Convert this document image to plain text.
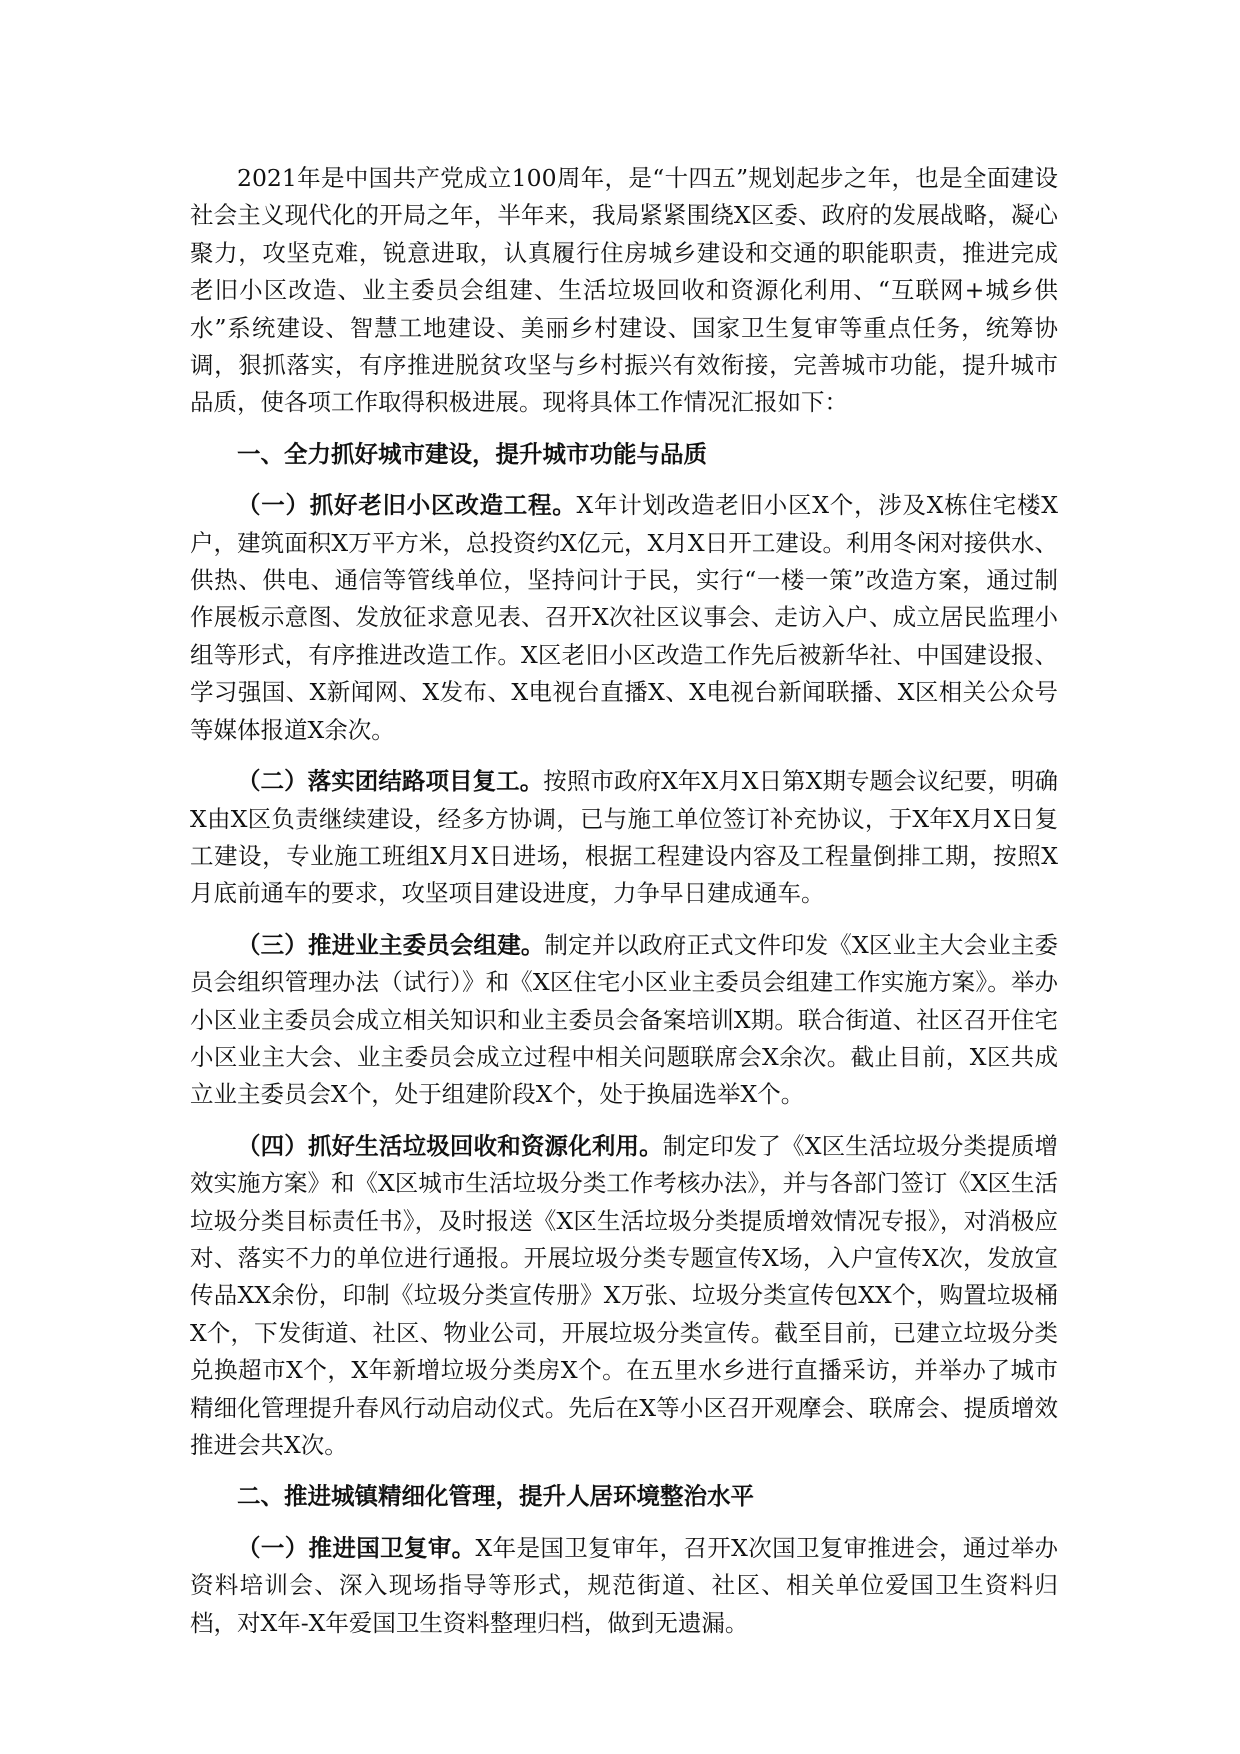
2021年是中国共产党成立100周年，是“十四五”规划起步之年，也是全面建设社会主义现代化的开局之年，半年来，我局紧紧围绕X区委、政府的发展战略，凝心聚力，攻坚克难，锐意进取，认真履行住房城乡建设和交通的职能职责，推进完成老旧小区改造、业主委员会组建、生活垃圾回收和资源化利用、“互联网+城乡供水”系统建设、智慧工地建设、美丽乡村建设、国家卫生复审等重点任务，统筹协调，狠抓落实，有序推进脱贫攻坚与乡村振兴有效衔接，完善城市功能，提升城市品质，使各项工作取得积极进展。现将具体工作情况汇报如下：

一、全力抓好城市建设，提升城市功能与品质

（一）抓好老旧小区改造工程。X年计划改造老旧小区X个，涉及X栋住宅楼X户，建筑面积X万平方米，总投资约X亿元，X月X日开工建设。利用冬闲对接供水、供热、供电、通信等管线单位，坚持问计于民，实行“一楼一策”改造方案，通过制作展板示意图、发放征求意见表、召开X次社区议事会、走访入户、成立居民监理小组等形式，有序推进改造工作。X区老旧小区改造工作先后被新华社、中国建设报、学习强国、X新闻网、X发布、X电视台直播X、X电视台新闻联播、X区相关公众号等媒体报道X余次。

（二）落实团结路项目复工。按照市政府X年X月X日第X期专题会议纪要，明确X由X区负责继续建设，经多方协调，已与施工单位签订补充协议，于X年X月X日复工建设，专业施工班组X月X日进场，根据工程建设内容及工程量倒排工期，按照X月底前通车的要求，攻坚项目建设进度，力争早日建成通车。

（三）推进业主委员会组建。制定并以政府正式文件印发《X区业主大会业主委员会组织管理办法（试行）》和《X区住宅小区业主委员会组建工作实施方案》。举办小区业主委员会成立相关知识和业主委员会备案培训X期。联合街道、社区召开住宅小区业主大会、业主委员会成立过程中相关问题联席会X余次。截止目前，X区共成立业主委员会X个，处于组建阶段X个，处于换届选举X个。

（四）抓好生活垃圾回收和资源化利用。制定印发了《X区生活垃圾分类提质增效实施方案》和《X区城市生活垃圾分类工作考核办法》，并与各部门签订《X区生活垃圾分类目标责任书》，及时报送《X区生活垃圾分类提质增效情况专报》，对消极应对、落实不力的单位进行通报。开展垃圾分类专题宣传X场，入户宣传X次，发放宣传品XX余份，印制《垃圾分类宣传册》X万张、垃圾分类宣传包XX个，购置垃圾桶X个，下发街道、社区、物业公司，开展垃圾分类宣传。截至目前，已建立垃圾分类兑换超市X个，X年新增垃圾分类房X个。在五里水乡进行直播采访，并举办了城市精细化管理提升春风行动启动仪式。先后在X等小区召开观摩会、联席会、提质增效推进会共X次。

二、推进城镇精细化管理，提升人居环境整治水平

（一）推进国卫复审。X年是国卫复审年，召开X次国卫复审推进会，通过举办资料培训会、深入现场指导等形式，规范街道、社区、相关单位爱国卫生资料归档，对X年-X年爱国卫生资料整理归档，做到无遗漏。
